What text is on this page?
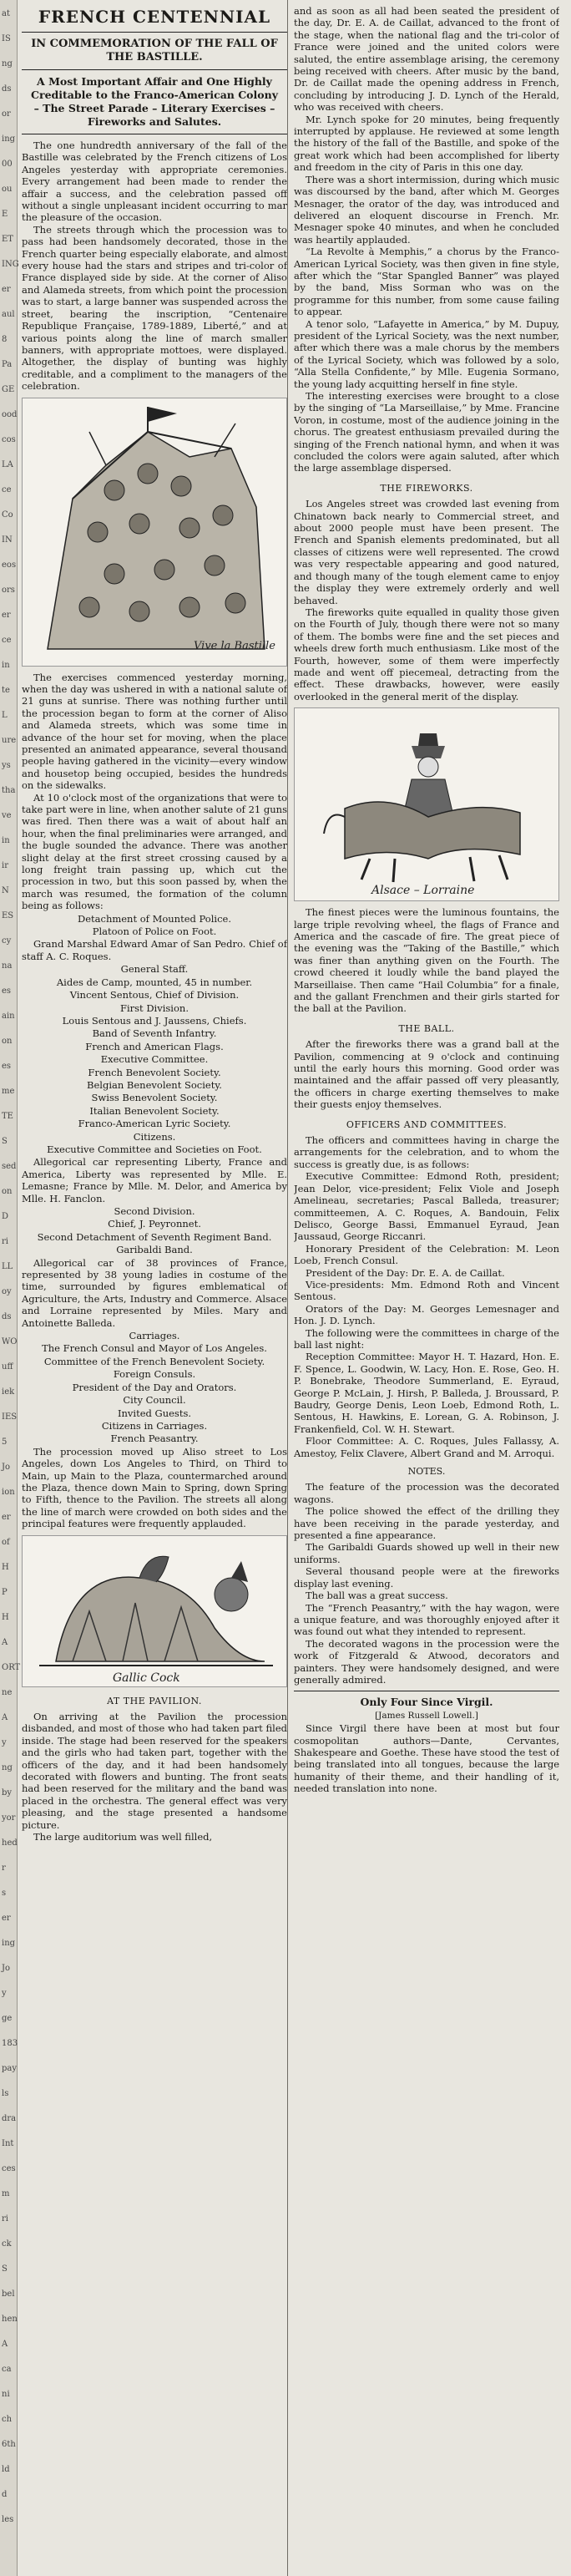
at
IS
ng
ds
or
ing
00
ou
E
ET
ING
er
aul
8
Pa
GE
ood
cos
LA
ce
Co
IN
eos
ors
er
ce
in
te
L
ure
ys
tha
ve
in
ir
N
ES
cy
na
es
ain
on
es
me
TE
S
sed
on
D
ri
LL
oy
ds
WO
uff
iek
IES
5
Jo
ion
er
of
H
P
H
A
ORT
ne
A
y
ng
by
yor
hed
r
s
er
ing
Jo
y
ge
183
pay
ls
dra
Int
ces
m
ri
ck
S
bel
hen
A
ca
ni
ch
6th
ld
d
les
FRENCH CENTENNIAL
IN COMMEMORATION OF THE FALL OF THE BASTILLE.
A Most Important Affair and One Highly Creditable to the Franco-American Colony – The Street Parade – Literary Exercises – Fireworks and Salutes.

The one hundredth anniversary of the fall of the Bastille was celebrated by the French citizens of Los Angeles yesterday with appropriate ceremonies. Every arrangement had been made to render the affair a success, and the celebration passed off without a single unpleasant incident occurring to mar the pleasure of the occasion.

The streets through which the procession was to pass had been handsomely decorated, those in the French quarter being especially elaborate, and almost every house had the stars and stripes and tri-color of France displayed side by side. At the corner of Aliso and Alameda streets, from which point the procession was to start, a large banner was suspended across the street, bearing the inscription, “Centenaire Republique Française, 1789-1889, Liberté,” and at various points along the line of march smaller banners, with appropriate mottoes, were displayed. Altogether, the display of bunting was highly creditable, and a compliment to the managers of the celebration.

Vive la Bastille

The exercises commenced yesterday morning, when the day was ushered in with a national salute of 21 guns at sunrise. There was nothing further until the procession began to form at the corner of Aliso and Alameda streets, which was some time in advance of the hour set for moving, when the place presented an animated appearance, several thousand people having gathered in the vicinity—every window and housetop being occupied, besides the hundreds on the sidewalks.

At 10 o'clock most of the organizations that were to take part were in line, when another salute of 21 guns was fired. Then there was a wait of about half an hour, when the final preliminaries were arranged, and the bugle sounded the advance. There was another slight delay at the first street crossing caused by a long freight train passing up, which cut the procession in two, but this soon passed by, when the march was resumed, the formation of the column being as follows:

Detachment of Mounted Police.
Platoon of Police on Foot.
Grand Marshal Edward Amar of San Pedro. Chief of staff A. C. Roques.
General Staff.
Aides de Camp, mounted, 45 in number.
Vincent Sentous, Chief of Division.
First Division.
Louis Sentous and J. Jaussens, Chiefs.
Band of Seventh Infantry.
French and American Flags.
Executive Committee.
French Benevolent Society.
Belgian Benevolent Society.
Swiss Benevolent Society.
Italian Benevolent Society.
Franco-American Lyric Society.
Citizens.
Executive Committee and Societies on Foot.
Allegorical car representing Liberty, France and America, Liberty was represented by Mlle. E. Lemasne; France by Mlle. M. Delor, and America by Mlle. H. Fanclon.
Second Division.
Chief, J. Peyronnet.
Second Detachment of Seventh Regiment Band.
Garibaldi Band.
Allegorical car of 38 provinces of France, represented by 38 young ladies in costume of the time, surrounded by figures emblematical of Agriculture, the Arts, Industry and Commerce. Alsace and Lorraine represented by Miles. Mary and Antoinette Balleda.
Carriages.
The French Consul and Mayor of Los Angeles.
Committee of the French Benevolent Society.
Foreign Consuls.
President of the Day and Orators.
City Council.
Invited Guests.
Citizens in Carriages.
French Peasantry.

The procession moved up Aliso street to Los Angeles, down Los Angeles to Third, on Third to Main, up Main to the Plaza, countermarched around the Plaza, thence down Main to Spring, down Spring to Fifth, thence to the Pavilion. The streets all along the line of march were crowded on both sides and the principal features were frequently applauded.

Gallic Cock
AT THE PAVILION.

On arriving at the Pavilion the procession disbanded, and most of those who had taken part filed inside. The stage had been reserved for the speakers and the girls who had taken part, together with the officers of the day, and it had been handsomely decorated with flowers and bunting. The front seats had been reserved for the military and the band was placed in the orchestra. The general effect was very pleasing, and the stage presented a handsome picture.

The large auditorium was well filled,

and as soon as all had been seated the president of the day, Dr. E. A. de Caillat, advanced to the front of the stage, when the national flag and the tri-color of France were joined and the united colors were saluted, the entire assemblage arising, the ceremony being received with cheers. After music by the band, Dr. de Caillat made the opening address in French, concluding by introducing J. D. Lynch of the Herald, who was received with cheers.

Mr. Lynch spoke for 20 minutes, being frequently interrupted by applause. He reviewed at some length the history of the fall of the Bastille, and spoke of the great work which had been accomplished for liberty and freedom in the city of Paris in this one day.

There was a short intermission, during which music was discoursed by the band, after which M. Georges Mesnager, the orator of the day, was introduced and delivered an eloquent discourse in French. Mr. Mesnager spoke 40 minutes, and when he concluded was heartily applauded.

“La Revolte à Memphis,” a chorus by the Franco-American Lyrical Society, was then given in fine style, after which the “Star Spangled Banner” was played by the band, Miss Sorman who was on the programme for this number, from some cause failing to appear.

A tenor solo, “Lafayette in America,” by M. Dupuy, president of the Lyrical Society, was the next number, after which there was a male chorus by the members of the Lyrical Society, which was followed by a solo, “Alla Stella Confidente,” by Mlle. Eugenia Sormano, the young lady acquitting herself in fine style.

The interesting exercises were brought to a close by the singing of “La Marseillaise,” by Mme. Francine Voron, in costume, most of the audience joining in the chorus. The greatest enthusiasm prevailed during the singing of the French national hymn, and when it was concluded the colors were again saluted, after which the large assemblage dispersed.

THE FIREWORKS.

Los Angeles street was crowded last evening from Chinatown back nearly to Commercial street, and about 2000 people must have been present. The French and Spanish elements predominated, but all classes of citizens were well represented. The crowd was very respectable appearing and good natured, and though many of the tough element came to enjoy the display they were extremely orderly and well behaved.

The fireworks quite equalled in quality those given on the Fourth of July, though there were not so many of them. The bombs were fine and the set pieces and wheels drew forth much enthusiasm. Like most of the Fourth, however, some of them were imperfectly made and went off piecemeal, detracting from the effect. These drawbacks, however, were easily overlooked in the general merit of the display.

Alsace – Lorraine

The finest pieces were the luminous fountains, the large triple revolving wheel, the flags of France and America and the cascade of fire. The great piece of the evening was the “Taking of the Bastille,” which was finer than anything given on the Fourth. The crowd cheered it loudly while the band played the Marseillaise. Then came “Hail Columbia” for a finale, and the gallant Frenchmen and their girls started for the ball at the Pavilion.

THE BALL.

After the fireworks there was a grand ball at the Pavilion, commencing at 9 o'clock and continuing until the early hours this morning. Good order was maintained and the affair passed off very pleasantly, the officers in charge exerting themselves to make their guests enjoy themselves.

OFFICERS AND COMMITTEES.

The officers and committees having in charge the arrangements for the celebration, and to whom the success is greatly due, is as follows:

Executive Committee: Edmond Roth, president; Jean Delor, vice-president; Felix Viole and Joseph Amelineau, secretaries; Pascal Balleda, treasurer; committeemen, A. C. Roques, A. Bandouin, Felix Delisco, George Bassi, Emmanuel Eyraud, Jean Jaussaud, George Riccanri.

Honorary President of the Celebration: M. Leon Loeb, French Consul.

President of the Day: Dr. E. A. de Caillat.

Vice-presidents: Mm. Edmond Roth and Vincent Sentous.

Orators of the Day: M. Georges Lemesnager and Hon. J. D. Lynch.

The following were the committees in charge of the ball last night:

Reception Committee: Mayor H. T. Hazard, Hon. E. F. Spence, L. Goodwin, W. Lacy, Hon. E. Rose, Geo. H. P. Bonebrake, Theodore Summerland, E. Eyraud, George P. McLain, J. Hirsh, P. Balleda, J. Broussard, P. Baudry, George Denis, Leon Loeb, Edmond Roth, L. Sentous, H. Hawkins, E. Lorean, G. A. Robinson, J. Frankenfield, Col. W. H. Stewart.

Floor Committee: A. C. Roques, Jules Fallassy, A. Amestoy, Felix Clavere, Albert Grand and M. Arroqui.

NOTES.

The feature of the procession was the decorated wagons.

The police showed the effect of the drilling they have been receiving in the parade yesterday, and presented a fine appearance.

The Garibaldi Guards showed up well in their new uniforms.

Several thousand people were at the fireworks display last evening.

The ball was a great success.

The “French Peasantry,” with the hay wagon, were a unique feature, and was thoroughly enjoyed after it was found out what they intended to represent.

The decorated wagons in the procession were the work of Fitzgerald & Atwood, decorators and painters. They were handsomely designed, and were generally admired.

Only Four Since Virgil.
[James Russell Lowell.]

Since Virgil there have been at most but four cosmopolitan authors—Dante, Cervantes, Shakespeare and Goethe. These have stood the test of being translated into all tongues, because the large humanity of their theme, and their handling of it, needed translation into none.
